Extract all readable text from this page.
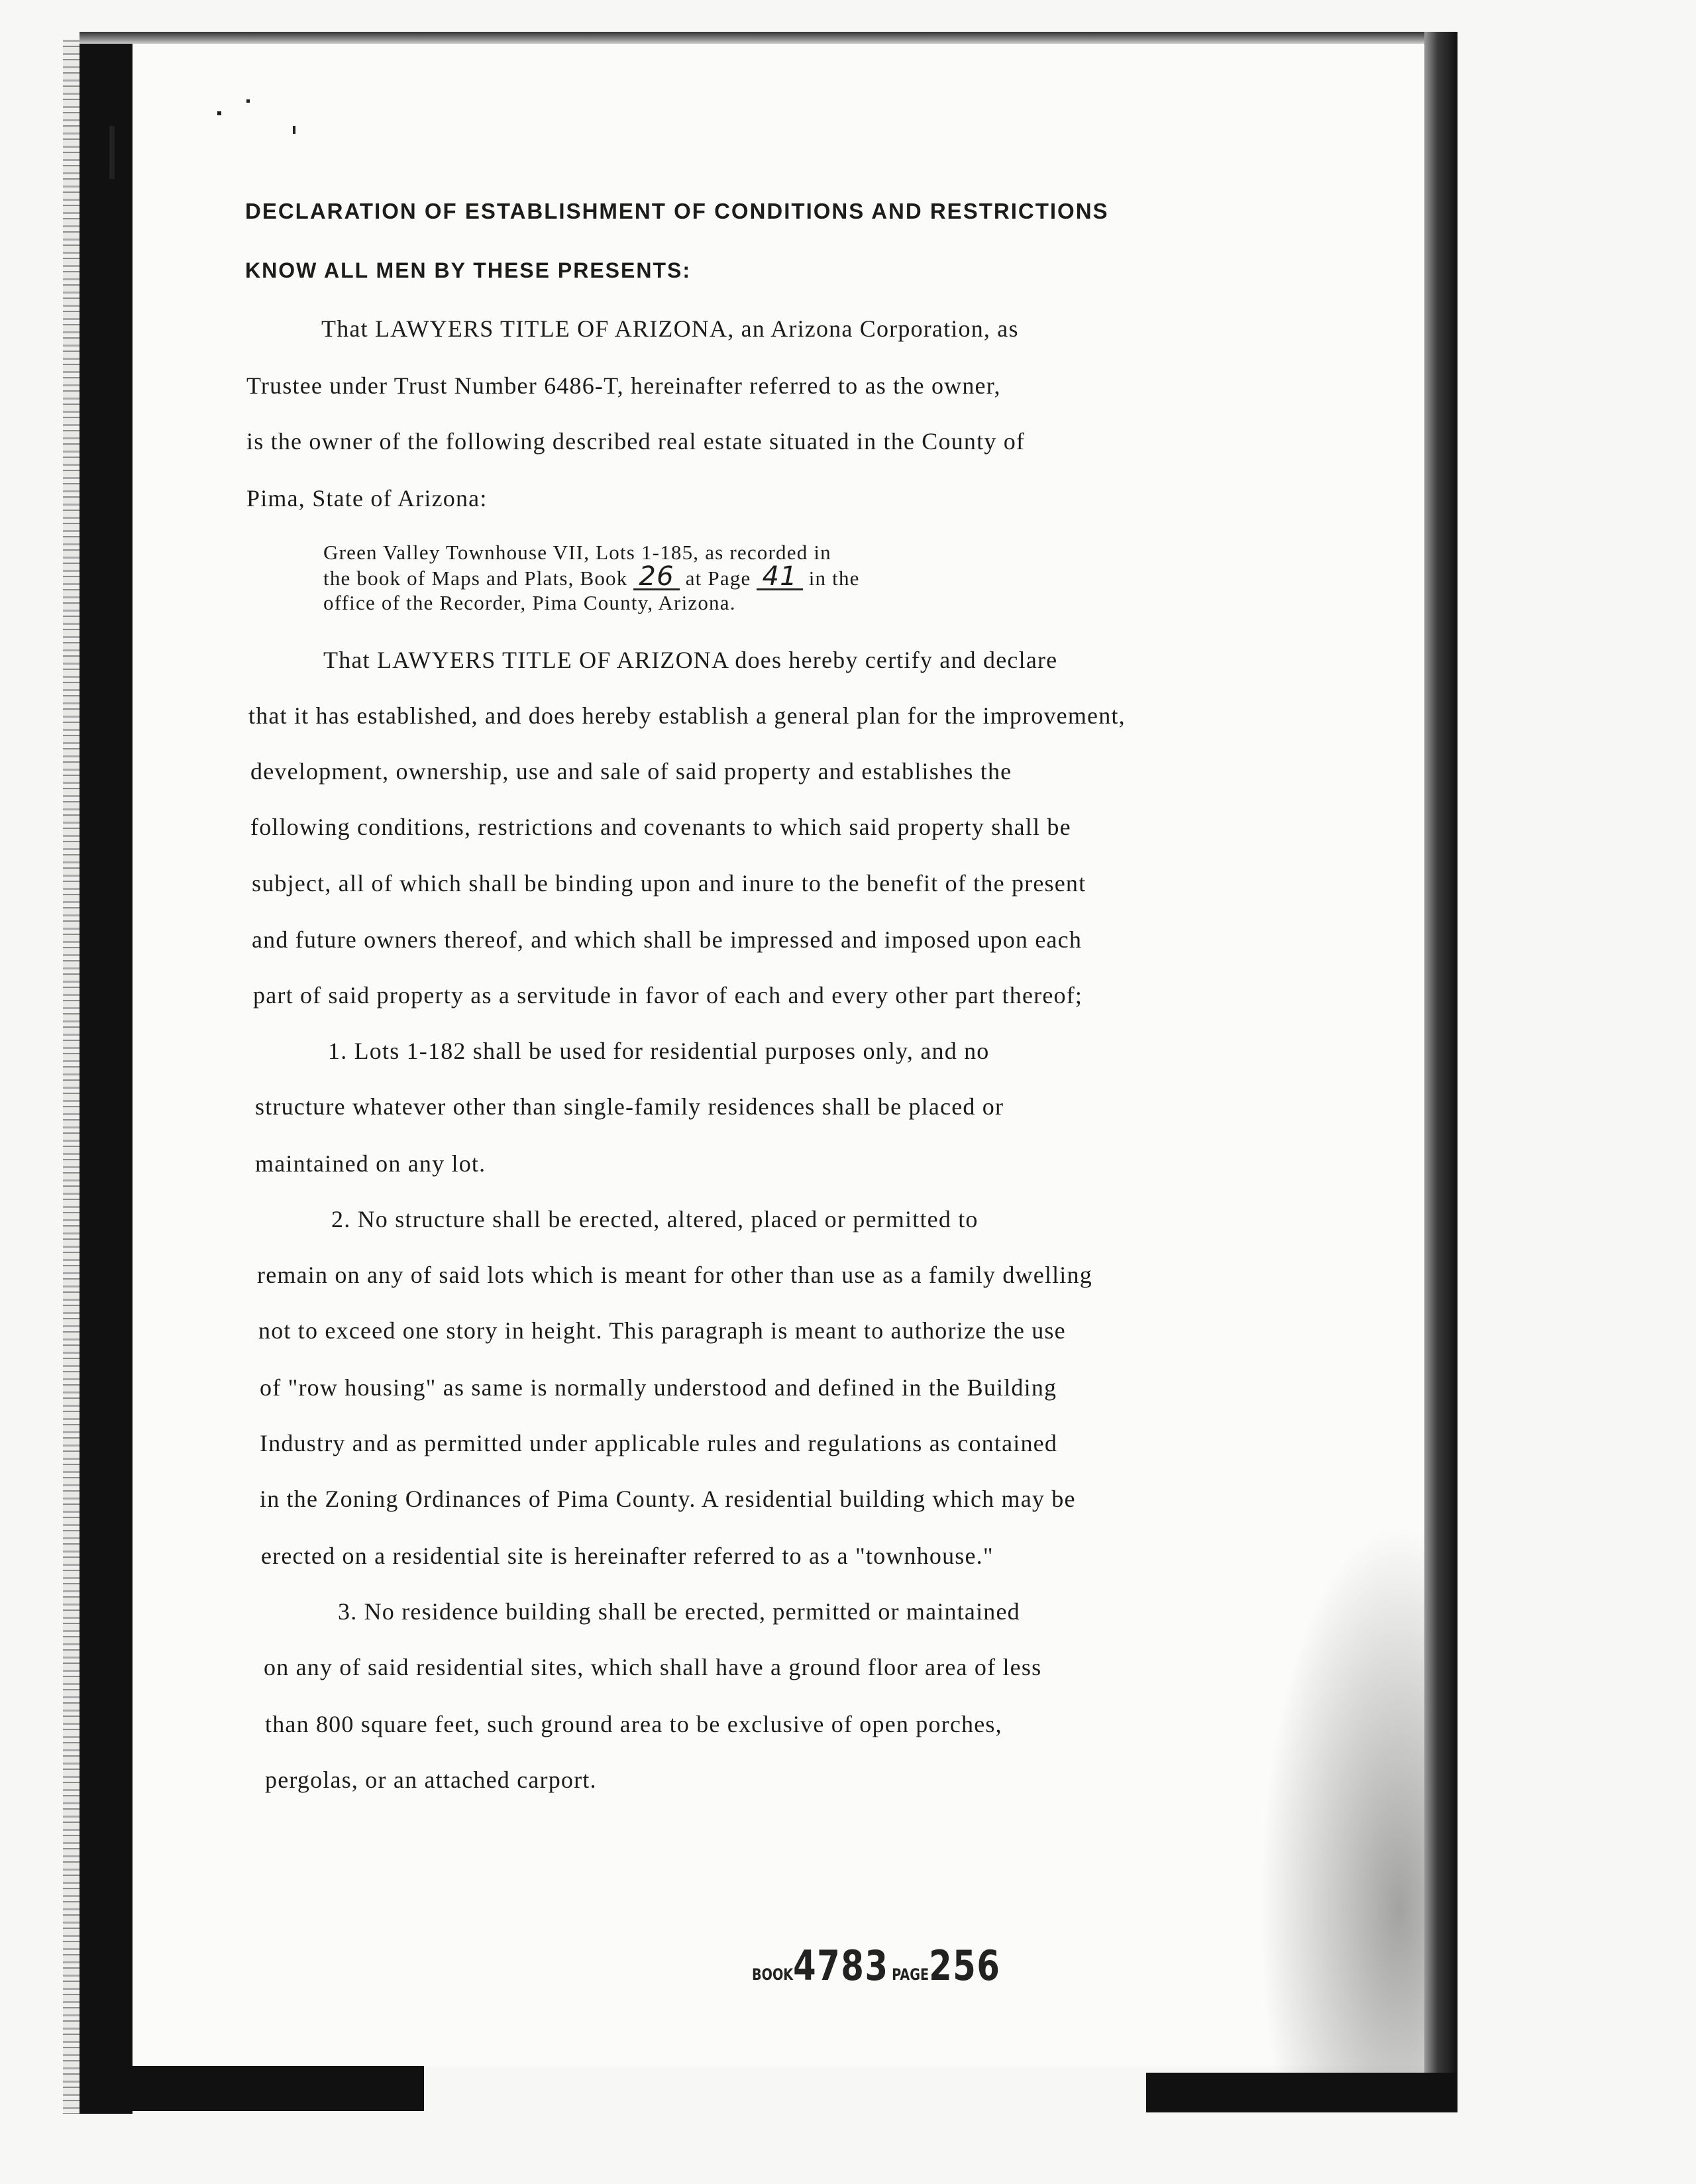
DECLARATION OF ESTABLISHMENT OF CONDITIONS AND RESTRICTIONS
KNOW ALL MEN BY THESE PRESENTS:
That LAWYERS TITLE OF ARIZONA, an Arizona Corporation, as
Trustee under Trust Number 6486-T, hereinafter referred to as the owner,
is the owner of the following described real estate situated in the County of
Pima, State of Arizona:
Green Valley Townhouse VII, Lots 1-185, as recorded in
the book of Maps and Plats, Book 26 at Page 41 in the
office of the Recorder, Pima County, Arizona.
That LAWYERS TITLE OF ARIZONA does hereby certify and declare
that it has established, and does hereby establish a general plan for the improvement,
development, ownership, use and sale of said property and establishes the
following conditions, restrictions and covenants to which said property shall be
subject, all of which shall be binding upon and inure to the benefit of the present
and future owners thereof, and which shall be impressed and imposed upon each
part of said property as a servitude in favor of each and every other part thereof;
1. Lots 1-182 shall be used for residential purposes only, and no
structure whatever other than single-family residences shall be placed or
maintained on any lot.
2. No structure shall be erected, altered, placed or permitted to
remain on any of said lots which is meant for other than use as a family dwelling
not to exceed one story in height. This paragraph is meant to authorize the use
of "row housing" as same is normally understood and defined in the Building
Industry and as permitted under applicable rules and regulations as contained
in the Zoning Ordinances of Pima County. A residential building which may be
erected on a residential site is hereinafter referred to as a "townhouse."
3. No residence building shall be erected, permitted or maintained
on any of said residential sites, which shall have a ground floor area of less
than 800 square feet, such ground area to be exclusive of open porches,
pergolas, or an attached carport.
BOOK4783 PAGE256
